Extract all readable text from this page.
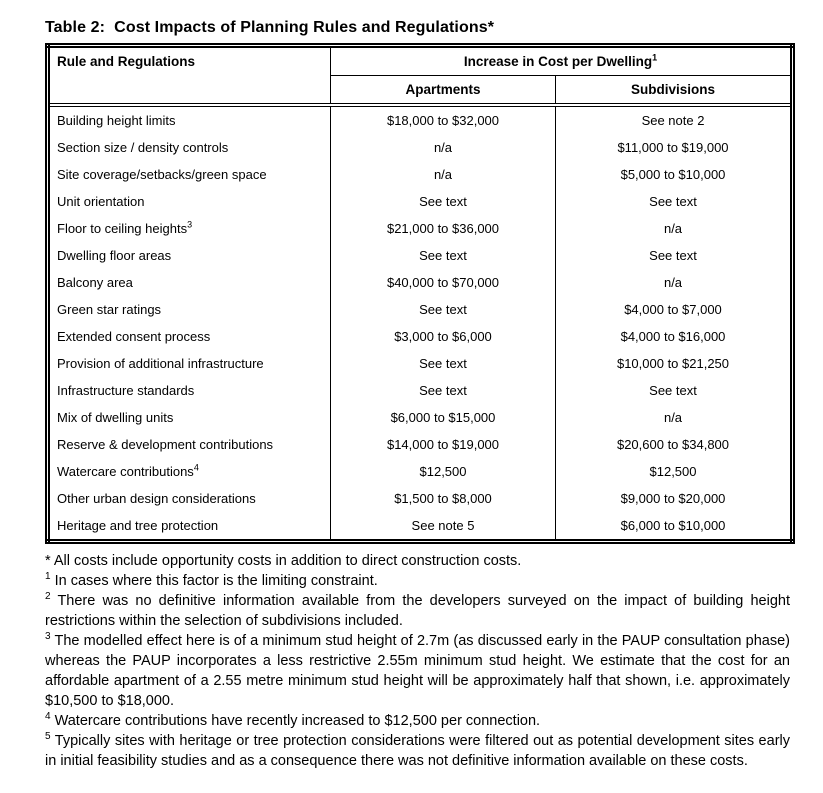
Table 2:  Cost Impacts of Planning Rules and Regulations*
Rule and Regulations	Increase in Cost per Dwelling$^1$
	Apartments	Subdivisions
Building height limits	$18,000 to $32,000	See note 2
Section size / density controls	n/a	$11,000 to $19,000
Site coverage/setbacks/green space	n/a	$5,000 to $10,000
Unit orientation	See text	See text
Floor to ceiling heights$^3$	$21,000 to $36,000	n/a
Dwelling floor areas	See text	See text
Balcony area	$40,000 to $70,000	n/a
Green star ratings	See text	$4,000 to $7,000
Extended consent process	$3,000 to $6,000	$4,000 to $16,000
Provision of additional infrastructure	See text	$10,000 to $21,250
Infrastructure standards	See text	See text
Mix of dwelling units	$6,000 to $15,000	n/a
Reserve & development contributions	$14,000 to $19,000	$20,600 to $34,800
Watercare contributions$^4$	$12,500	$12,500
Other urban design considerations	$1,500 to $8,000	$9,000 to $20,000
Heritage and tree protection	See note 5	$6,000 to $10,000
* All costs include opportunity costs in addition to direct construction costs.
$^1$ In cases where this factor is the limiting constraint.
$^2$ There was no definitive information available from the developers surveyed on the impact of building height restrictions within the selection of subdivisions included.
$^3$ The modelled effect here is of a minimum stud height of 2.7m (as discussed early in the PAUP consultation phase) whereas the PAUP incorporates a less restrictive 2.55m minimum stud height. We estimate that the cost for an affordable apartment of a 2.55 metre minimum stud height will be approximately half that shown, i.e. approximately $10,500 to $18,000.
$^4$ Watercare contributions have recently increased to $12,500 per connection.
$^5$ Typically sites with heritage or tree protection considerations were filtered out as potential development sites early in initial feasibility studies and as a consequence there was not definitive information available on these costs.
